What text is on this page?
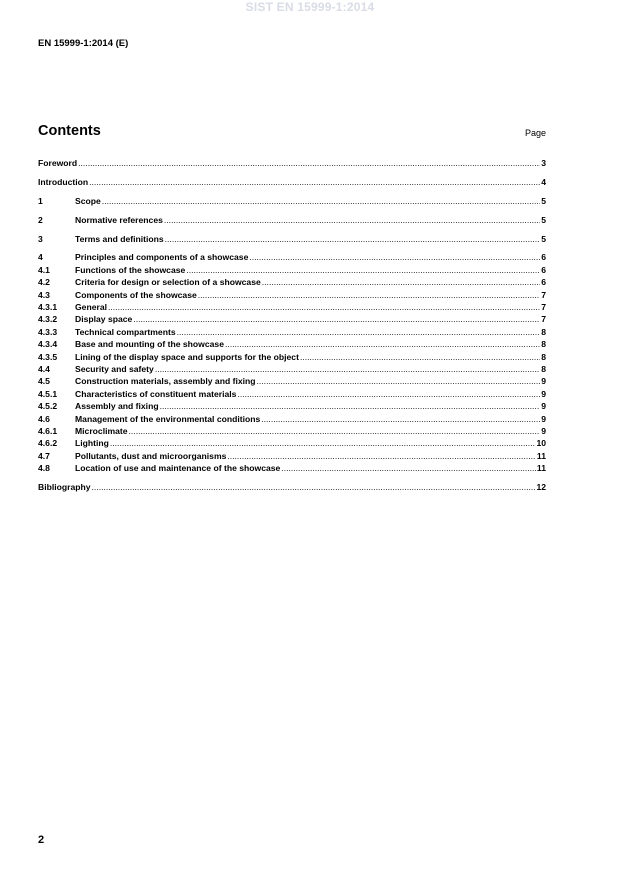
SIST EN 15999-1:2014
EN 15999-1:2014 (E)
Contents	Page
Foreword .....	3
Introduction .....	4
1	Scope .....	5
2	Normative references .....	5
3	Terms and definitions .....	5
4	Principles and components of a showcase .....	6
4.1	Functions of the showcase .....	6
4.2	Criteria for design or selection of a showcase .....	6
4.3	Components of the showcase .....	7
4.3.1	General .....	7
4.3.2	Display space .....	7
4.3.3	Technical compartments .....	8
4.3.4	Base and mounting of the showcase .....	8
4.3.5	Lining of the display space and supports for the object .....	8
4.4	Security and safety .....	8
4.5	Construction materials, assembly and fixing .....	9
4.5.1	Characteristics of constituent materials .....	9
4.5.2	Assembly and fixing .....	9
4.6	Management of the environmental conditions .....	9
4.6.1	Microclimate .....	9
4.6.2	Lighting .....	10
4.7	Pollutants, dust and microorganisms .....	11
4.8	Location of use and maintenance of the showcase .....	11
Bibliography .....	12
2
